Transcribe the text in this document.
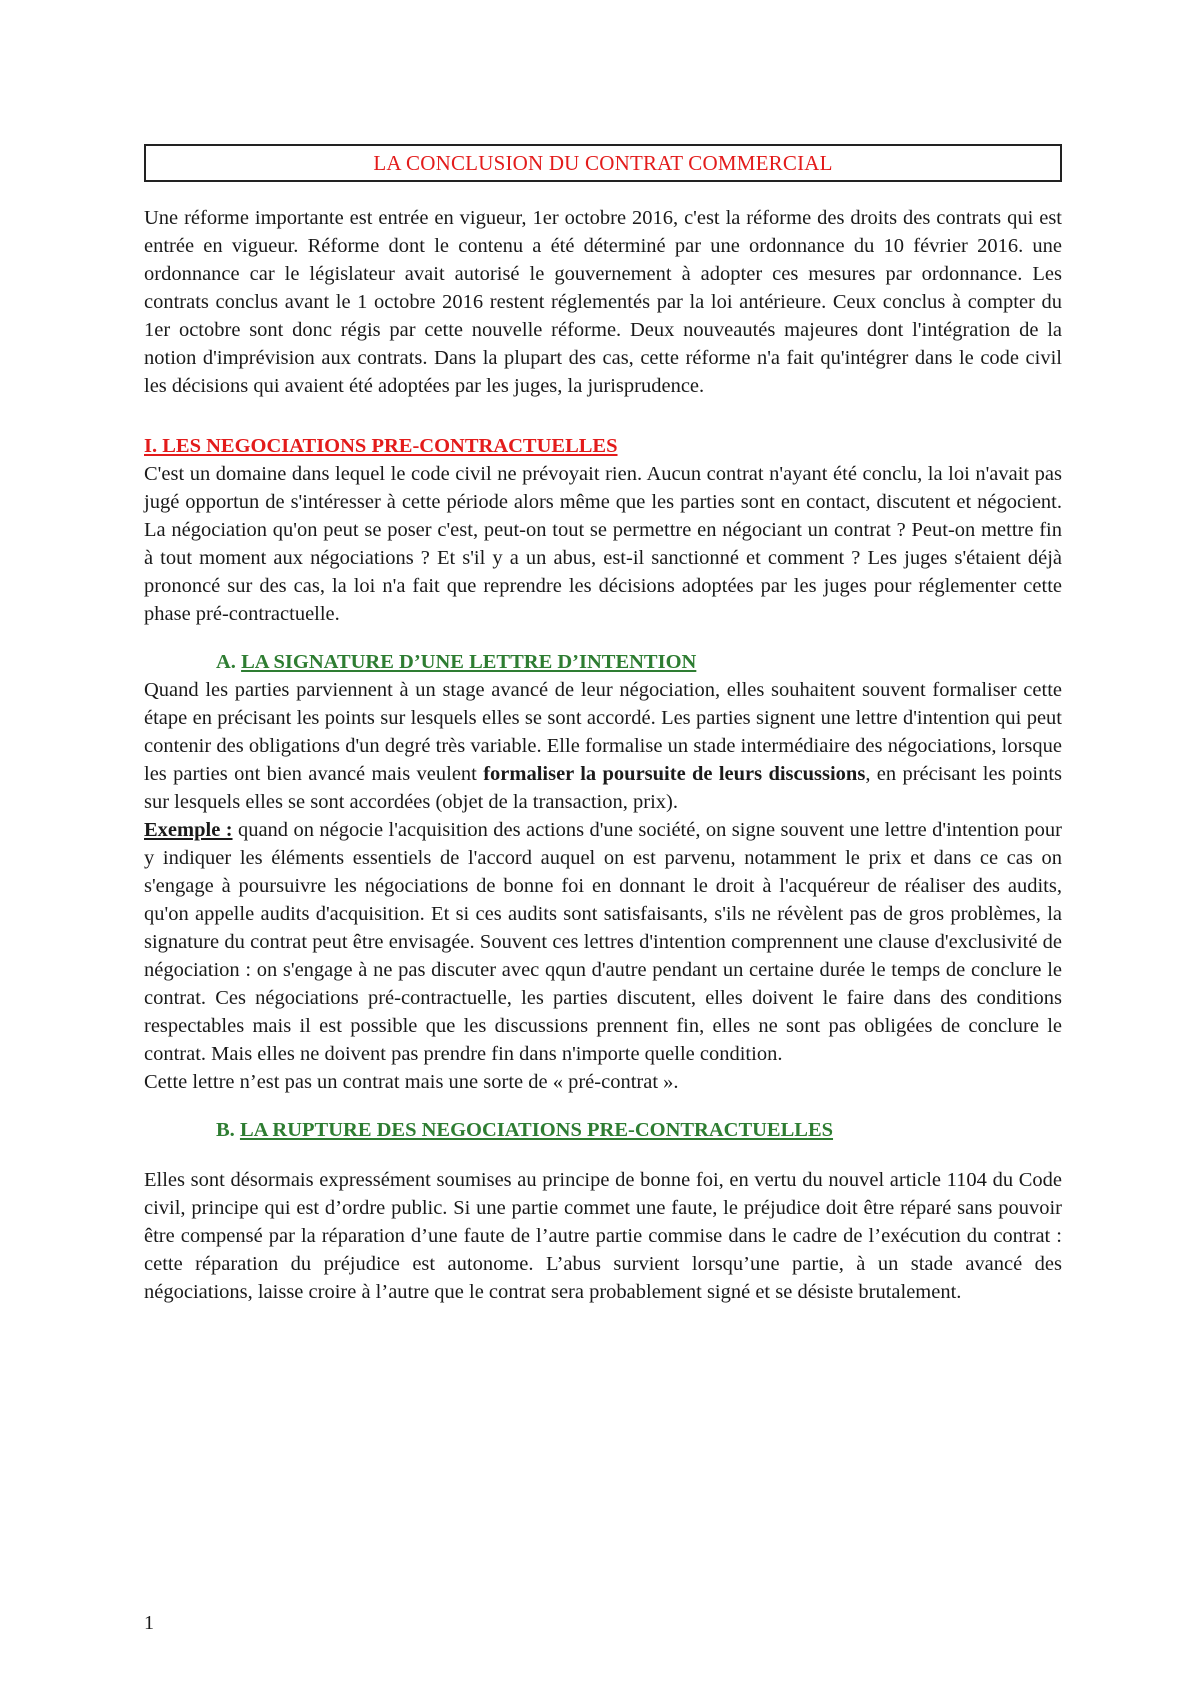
LA CONCLUSION DU CONTRAT COMMERCIAL

Une réforme importante est entrée en vigueur, 1er octobre 2016, c'est la réforme des droits des contrats qui est entrée en vigueur. Réforme dont le contenu a été déterminé par une ordonnance du 10 février 2016. une ordonnance car le législateur avait autorisé le gouvernement à adopter ces mesures par ordonnance. Les contrats conclus avant le 1 octobre 2016 restent réglementés par la loi antérieure. Ceux conclus à compter du 1er octobre sont donc régis par cette nouvelle réforme. Deux nouveautés majeures dont l'intégration de la notion d'imprévision aux contrats. Dans la plupart des cas, cette réforme n'a fait qu'intégrer dans le code civil les décisions qui avaient été adoptées par les juges, la jurisprudence.

I. LES NEGOCIATIONS PRE-CONTRACTUELLES

C'est un domaine dans lequel le code civil ne prévoyait rien. Aucun contrat n'ayant été conclu, la loi n'avait pas jugé opportun de s'intéresser à cette période alors même que les parties sont en contact, discutent et négocient. La négociation qu'on peut se poser c'est, peut-on tout se permettre en négociant un contrat ? Peut-on mettre fin à tout moment aux négociations ? Et s'il y a un abus, est-il sanctionné et comment ? Les juges s'étaient déjà prononcé sur des cas, la loi n'a fait que reprendre les décisions adoptées par les juges pour réglementer cette phase pré-contractuelle.

A. LA SIGNATURE D’UNE LETTRE D’INTENTION

Quand les parties parviennent à un stage avancé de leur négociation, elles souhaitent souvent formaliser cette étape en précisant les points sur lesquels elles se sont accordé. Les parties signent une lettre d'intention qui peut contenir des obligations d'un degré très variable. Elle formalise un stade intermédiaire des négociations, lorsque les parties ont bien avancé mais veulent formaliser la poursuite de leurs discussions, en précisant les points sur lesquels elles se sont accordées (objet de la transaction, prix).

Exemple : quand on négocie l'acquisition des actions d'une société, on signe souvent une lettre d'intention pour y indiquer les éléments essentiels de l'accord auquel on est parvenu, notamment le prix et dans ce cas on s'engage à poursuivre les négociations de bonne foi en donnant le droit à l'acquéreur de réaliser des audits, qu'on appelle audits d'acquisition. Et si ces audits sont satisfaisants, s'ils ne révèlent pas de gros problèmes, la signature du contrat peut être envisagée. Souvent ces lettres d'intention comprennent une clause d'exclusivité de négociation : on s'engage à ne pas discuter avec qqun d'autre pendant un certaine durée le temps de conclure le contrat. Ces négociations pré-contractuelle, les parties discutent, elles doivent le faire dans des conditions respectables mais il est possible que les discussions prennent fin, elles ne sont pas obligées de conclure le contrat. Mais elles ne doivent pas prendre fin dans n'importe quelle condition.

Cette lettre n’est pas un contrat mais une sorte de « pré-contrat ».

B. LA RUPTURE DES NEGOCIATIONS PRE-CONTRACTUELLES

Elles sont désormais expressément soumises au principe de bonne foi, en vertu du nouvel article 1104 du Code civil, principe qui est d’ordre public. Si une partie commet une faute, le préjudice doit être réparé sans pouvoir être compensé par la réparation d’une faute de l’autre partie commise dans le cadre de l’exécution du contrat : cette réparation du préjudice est autonome. L’abus survient lorsqu’une partie, à un stade avancé des négociations, laisse croire à l’autre que le contrat sera probablement signé et se désiste brutalement.

1
